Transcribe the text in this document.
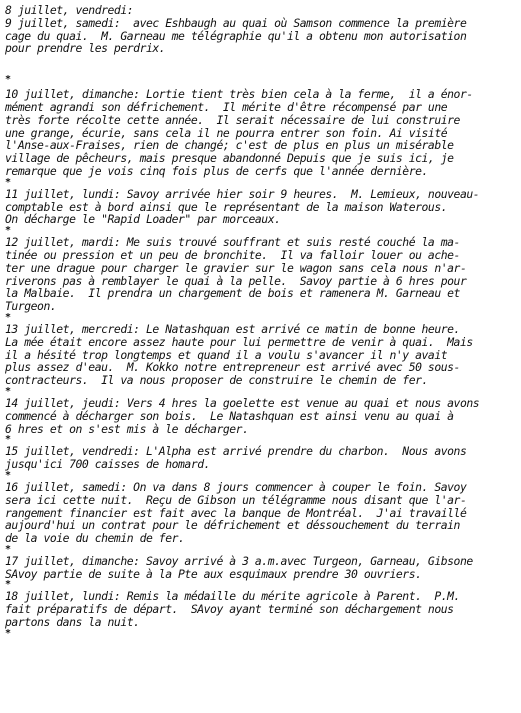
8 juillet, vendredi:
9 juillet, samedi:  avec Eshbaugh au quai où Samson commence la première
cage du quai.  M. Garneau me télégraphie qu'il a obtenu mon autorisation
pour prendre les perdrix.
*
10 juillet, dimanche: Lortie tient très bien cela à la ferme,  il a énor-
mément agrandi son défrichement.  Il mérite d'être récompensé par une
très forte récolte cette année.  Il serait nécessaire de lui construire
une grange, écurie, sans cela il ne pourra entrer son foin. Ai visité
l'Anse-aux-Fraises, rien de changé; c'est de plus en plus un misérable
village de pêcheurs, mais presque abandonné Depuis que je suis ici, je
remarque que je vois cinq fois plus de cerfs que l'année dernière.
*
11 juillet, lundi: Savoy arrivée hier soir 9 heures.  M. Lemieux, nouveau-
comptable est à bord ainsi que le représentant de la maison Waterous.
On décharge le "Rapid Loader" par morceaux.
*
12 juillet, mardi: Me suis trouvé souffrant et suis resté couché la ma-
tinée ou pression et un peu de bronchite.  Il va falloir louer ou ache-
ter une drague pour charger le gravier sur le wagon sans cela nous n'ar-
riverons pas à remblayer le quai à la pelle.  Savoy partie à 6 hres pour
la Malbaie.  Il prendra un chargement de bois et ramenera M. Garneau et
Turgeon.
*
13 juillet, mercredi: Le Natashquan est arrivé ce matin de bonne heure.
La mée était encore assez haute pour lui permettre de venir à quai.  Mais
il a hésité trop longtemps et quand il a voulu s'avancer il n'y avait
plus assez d'eau.  M. Kokko notre entrepreneur est arrivé avec 50 sous-
contracteurs.  Il va nous proposer de construire le chemin de fer.
*
14 juillet, jeudi: Vers 4 hres la goelette est venue au quai et nous avons
commencé à décharger son bois.  Le Natashquan est ainsi venu au quai à
6 hres et on s'est mis à le décharger.
*
15 juillet, vendredi: L'Alpha est arrivé prendre du charbon.  Nous avons
jusqu'ici 700 caisses de homard.
*
16 juillet, samedi: On va dans 8 jours commencer à couper le foin. Savoy
sera ici cette nuit.  Reçu de Gibson un télégramme nous disant que l'ar-
rangement financier est fait avec la banque de Montréal.  J'ai travaillé
aujourd'hui un contrat pour le défrichement et déssouchement du terrain
de la voie du chemin de fer.
*
17 juillet, dimanche: Savoy arrivé à 3 a.m.avec Turgeon, Garneau, Gibsone
SAvoy partie de suite à la Pte aux esquimaux prendre 30 ouvriers.
*
18 juillet, lundi: Remis la médaille du mérite agricole à Parent.  P.M.
fait préparatifs de départ.  SAvoy ayant terminé son déchargement nous
partons dans la nuit.
*
